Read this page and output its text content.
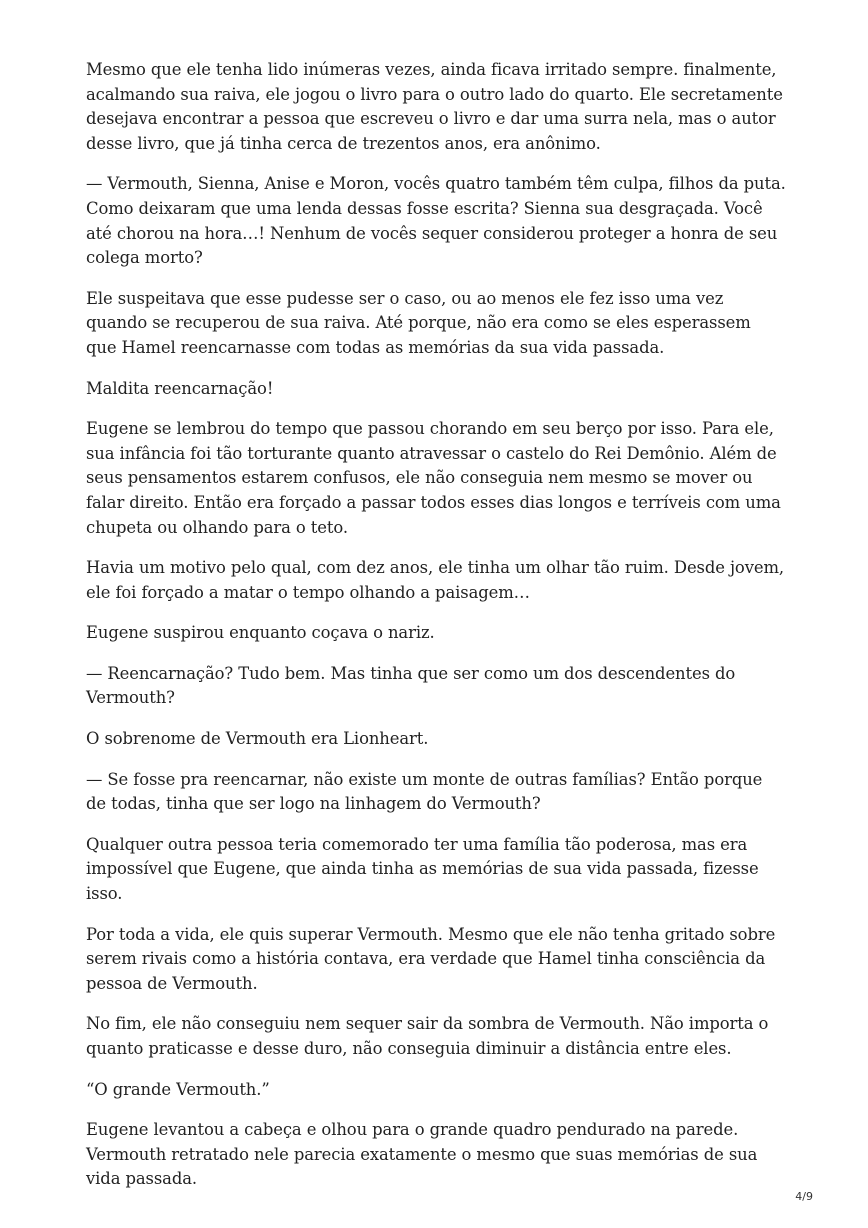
Mesmo que ele tenha lido inúmeras vezes, ainda ficava irritado sempre. finalmente, acalmando sua raiva, ele jogou o livro para o outro lado do quarto. Ele secretamente desejava encontrar a pessoa que escreveu o livro e dar uma surra nela, mas o autor desse livro, que já tinha cerca de trezentos anos, era anônimo.

— Vermouth, Sienna, Anise e Moron, vocês quatro também têm culpa, filhos da puta. Como deixaram que uma lenda dessas fosse escrita? Sienna sua desgraçada. Você até chorou na hora…! Nenhum de vocês sequer considerou proteger a honra de seu colega morto?

Ele suspeitava que esse pudesse ser o caso, ou ao menos ele fez isso uma vez quando se recuperou de sua raiva. Até porque, não era como se eles esperassem que Hamel reencarnasse com todas as memórias da sua vida passada.

Maldita reencarnação!

Eugene se lembrou do tempo que passou chorando em seu berço por isso. Para ele, sua infância foi tão torturante quanto atravessar o castelo do Rei Demônio. Além de seus pensamentos estarem confusos, ele não conseguia nem mesmo se mover ou falar direito. Então era forçado a passar todos esses dias longos e terríveis com uma chupeta ou olhando para o teto.

Havia um motivo pelo qual, com dez anos, ele tinha um olhar tão ruim. Desde jovem, ele foi forçado a matar o tempo olhando a paisagem…

Eugene suspirou enquanto coçava o nariz.

— Reencarnação? Tudo bem. Mas tinha que ser como um dos descendentes do Vermouth?

O sobrenome de Vermouth era Lionheart.

— Se fosse pra reencarnar, não existe um monte de outras famílias? Então porque de todas, tinha que ser logo na linhagem do Vermouth?

Qualquer outra pessoa teria comemorado ter uma família tão poderosa, mas era impossível que Eugene, que ainda tinha as memórias de sua vida passada, fizesse isso.

Por toda a vida, ele quis superar Vermouth. Mesmo que ele não tenha gritado sobre serem rivais como a história contava, era verdade que Hamel tinha consciência da pessoa de Vermouth.

No fim, ele não conseguiu nem sequer sair da sombra de Vermouth. Não importa o quanto praticasse e desse duro, não conseguia diminuir a distância entre eles.

“O grande Vermouth.”

Eugene levantou a cabeça e olhou para o grande quadro pendurado na parede. Vermouth retratado nele parecia exatamente o mesmo que suas memórias de sua vida passada.

4/9
